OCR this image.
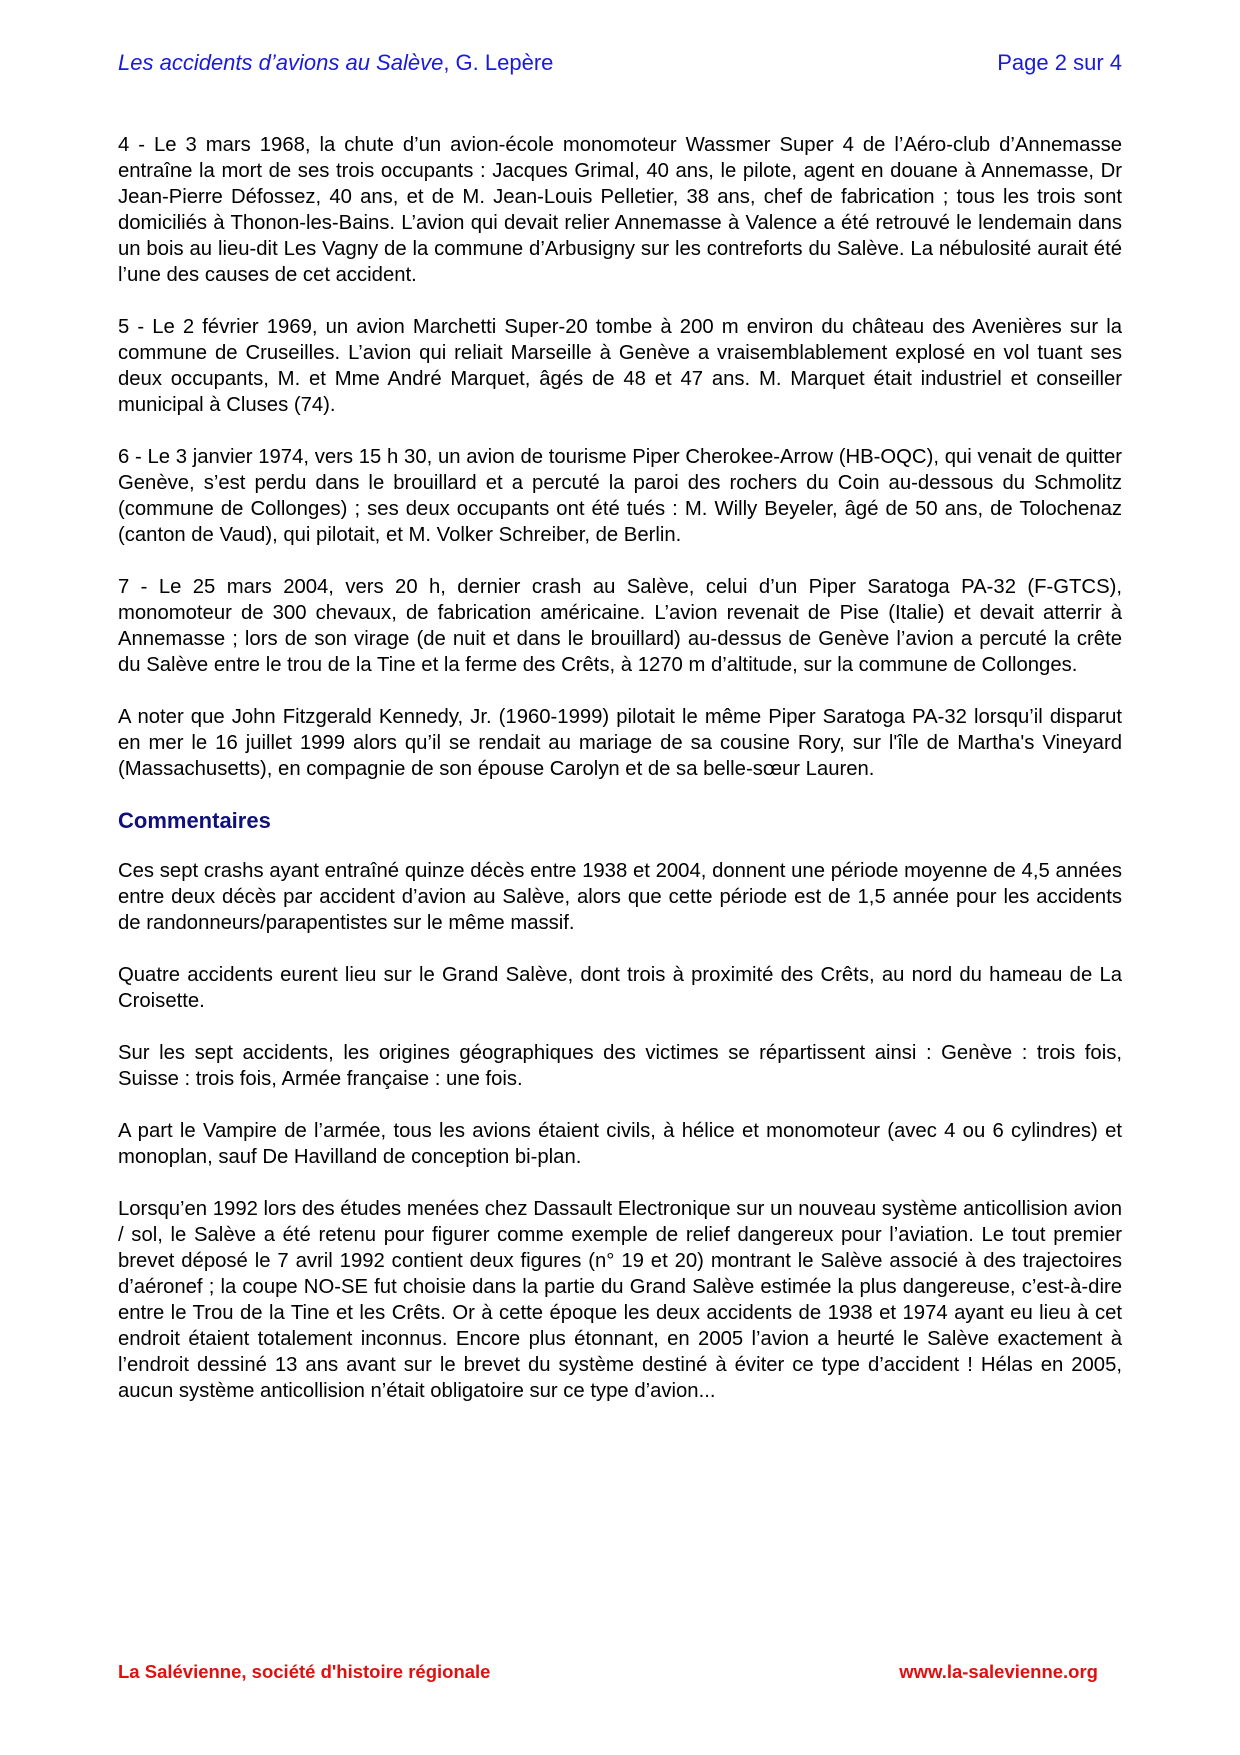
Les accidents d’avions au Salève, G. Lepère	Page 2 sur 4

4 - Le 3 mars 1968, la chute d’un avion-école monomoteur Wassmer Super 4 de l’Aéro-club d’Annemasse entraîne la mort de ses trois occupants : Jacques Grimal, 40 ans, le pilote, agent en douane à Annemasse, Dr Jean-Pierre Défossez, 40 ans, et de M. Jean-Louis Pelletier, 38 ans, chef de fabrication ; tous les trois sont domiciliés à Thonon-les-Bains. L’avion qui devait relier Annemasse à Valence a été retrouvé le lendemain dans un bois au lieu-dit Les Vagny de la commune d’Arbusigny sur les contreforts du Salève. La nébulosité aurait été l’une des causes de cet accident.

5 - Le 2 février 1969, un avion Marchetti Super-20 tombe à 200 m environ du château des Avenières sur la commune de Cruseilles. L’avion qui reliait Marseille à Genève a vraisemblablement explosé en vol tuant ses deux occupants, M. et Mme André Marquet, âgés de 48 et 47 ans. M. Marquet était industriel et conseiller municipal à Cluses (74).

6 - Le 3 janvier 1974, vers 15 h 30, un avion de tourisme Piper Cherokee-Arrow (HB-OQC), qui venait de quitter Genève, s’est perdu dans le brouillard et a percuté la paroi des rochers du Coin au-dessous du Schmolitz (commune de Collonges) ; ses deux occupants ont été tués : M. Willy Beyeler, âgé de 50 ans, de Tolochenaz (canton de Vaud), qui pilotait, et M. Volker Schreiber, de Berlin.

7 - Le 25 mars 2004, vers 20 h, dernier crash au Salève, celui d’un Piper Saratoga PA-32 (F-GTCS), monomoteur de 300 chevaux, de fabrication américaine. L’avion revenait de Pise (Italie) et devait atterrir à Annemasse ; lors de son virage (de nuit et dans le brouillard) au-dessus de Genève l’avion a percuté la crête du Salève entre le trou de la Tine et la ferme des Crêts, à 1270 m d’altitude, sur la commune de Collonges.

A noter que John Fitzgerald Kennedy, Jr. (1960-1999) pilotait le même Piper Saratoga PA-32 lorsqu’il disparut en mer le 16 juillet 1999 alors qu’il se rendait au mariage de sa cousine Rory, sur l'île de Martha's Vineyard (Massachusetts), en compagnie de son épouse Carolyn et de sa belle-sœur Lauren.

Commentaires

Ces sept crashs ayant entraîné quinze décès entre 1938 et 2004, donnent une période moyenne de 4,5 années entre deux décès par accident d’avion au Salève, alors que cette période est de 1,5 année pour les accidents de randonneurs/parapentistes sur le même massif.

Quatre accidents eurent lieu sur le Grand Salève, dont trois à proximité des Crêts, au nord du hameau de La Croisette.

Sur les sept accidents, les origines géographiques des victimes se répartissent ainsi : Genève : trois fois, Suisse : trois fois, Armée française : une fois.

A part le Vampire de l’armée, tous les avions étaient civils, à hélice et monomoteur (avec 4 ou 6 cylindres) et monoplan, sauf De Havilland de conception bi-plan.

Lorsqu’en 1992 lors des études menées chez Dassault Electronique sur un nouveau système anticollision avion / sol, le Salève a été retenu pour figurer comme exemple de relief dangereux pour l’aviation. Le tout premier brevet déposé le 7 avril 1992 contient deux figures (n° 19 et 20) montrant le Salève associé à des trajectoires d’aéronef ; la coupe NO-SE fut choisie dans la partie du Grand Salève estimée la plus dangereuse, c’est-à-dire entre le Trou de la Tine et les Crêts. Or à cette époque les deux accidents de 1938 et 1974 ayant eu lieu à cet endroit étaient totalement inconnus. Encore plus étonnant, en 2005 l’avion a heurté le Salève exactement à l’endroit dessiné 13 ans avant sur le brevet du système destiné à éviter ce type d’accident ! Hélas en 2005, aucun système anticollision n’était obligatoire sur ce type d’avion...

La Salévienne, société d'histoire régionale	www.la-salevienne.org
